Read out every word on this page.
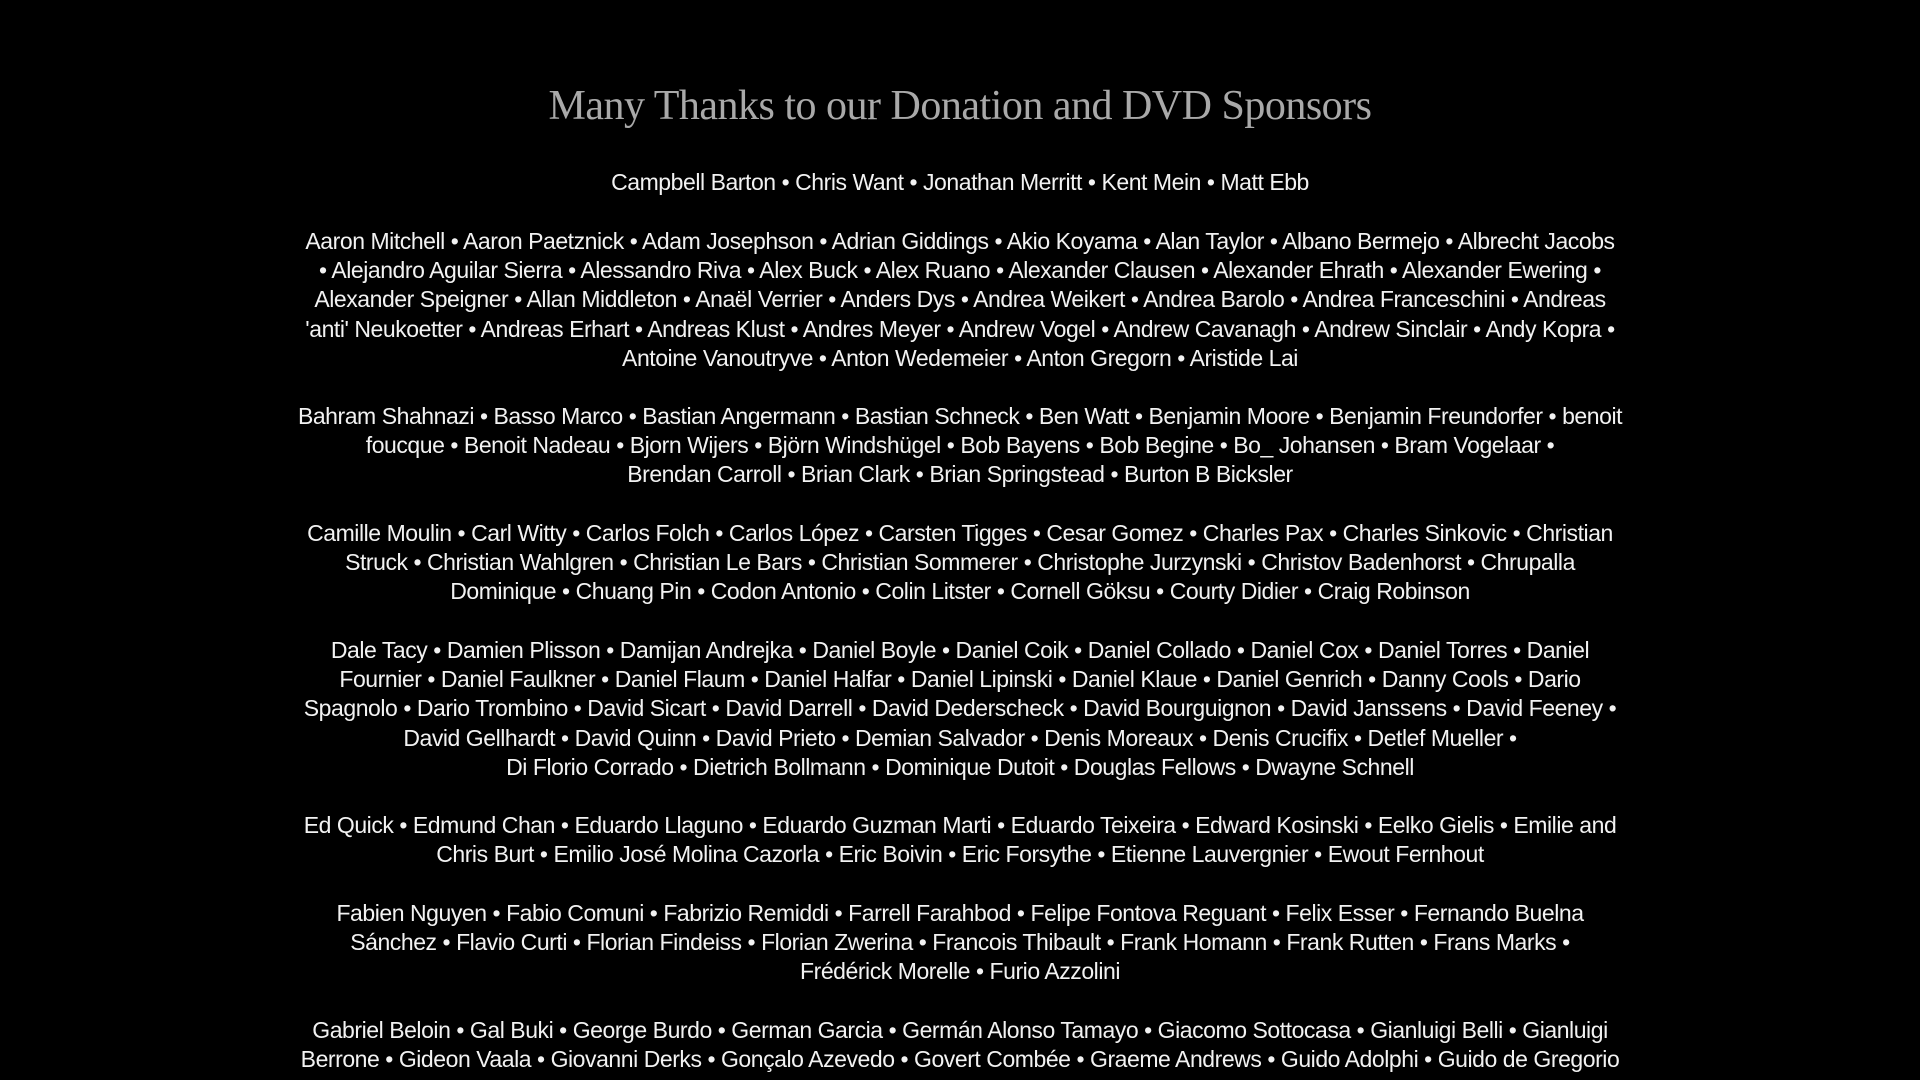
Many Thanks to our Donation and DVD Sponsors
Campbell Barton • Chris Want • Jonathan Merritt • Kent Mein • Matt Ebb
Aaron Mitchell • Aaron Paetznick • Adam Josephson • Adrian Giddings • Akio Koyama • Alan Taylor • Albano Bermejo • Albrecht Jacobs
• Alejandro Aguilar Sierra • Alessandro Riva • Alex Buck • Alex Ruano • Alexander Clausen • Alexander Ehrath • Alexander Ewering •
Alexander Speigner • Allan Middleton • Anaël Verrier • Anders Dys • Andrea Weikert • Andrea Barolo • Andrea Franceschini • Andreas
'anti' Neukoetter • Andreas Erhart • Andreas Klust • Andres Meyer • Andrew Vogel • Andrew Cavanagh • Andrew Sinclair • Andy Kopra •
Antoine Vanoutryve • Anton Wedemeier • Anton Gregorn • Aristide Lai
Bahram Shahnazi • Basso Marco • Bastian Angermann • Bastian Schneck • Ben Watt • Benjamin Moore • Benjamin Freundorfer • benoit
foucque • Benoit Nadeau • Bjorn Wijers • Björn Windshügel • Bob Bayens • Bob Begine • Bo_ Johansen • Bram Vogelaar •
Brendan Carroll • Brian Clark • Brian Springstead • Burton B Bicksler
Camille Moulin • Carl Witty • Carlos Folch • Carlos López • Carsten Tigges • Cesar Gomez • Charles Pax • Charles Sinkovic • Christian
Struck • Christian Wahlgren • Christian Le Bars • Christian Sommerer • Christophe Jurzynski • Christov Badenhorst • Chrupalla
Dominique • Chuang Pin • Codon Antonio • Colin Litster • Cornell Göksu • Courty Didier • Craig Robinson
Dale Tacy • Damien Plisson • Damijan Andrejka • Daniel Boyle • Daniel Coik • Daniel Collado • Daniel Cox • Daniel Torres • Daniel
Fournier • Daniel Faulkner • Daniel Flaum • Daniel Halfar • Daniel Lipinski • Daniel Klaue • Daniel Genrich • Danny Cools • Dario
Spagnolo • Dario Trombino • David Sicart • David Darrell • David Dederscheck • David Bourguignon • David Janssens • David Feeney •
David Gellhardt • David Quinn • David Prieto • Demian Salvador • Denis Moreaux • Denis Crucifix • Detlef Mueller •
Di Florio Corrado • Dietrich Bollmann • Dominique Dutoit • Douglas Fellows • Dwayne Schnell
Ed Quick • Edmund Chan • Eduardo Llaguno • Eduardo Guzman Marti • Eduardo Teixeira • Edward Kosinski • Eelko Gielis • Emilie and
Chris Burt • Emilio José Molina Cazorla • Eric Boivin • Eric Forsythe • Etienne Lauvergnier • Ewout Fernhout
Fabien Nguyen • Fabio Comuni • Fabrizio Remiddi • Farrell Farahbod • Felipe Fontova Reguant • Felix Esser • Fernando Buelna
Sánchez • Flavio Curti • Florian Findeiss • Florian Zwerina • Francois Thibault • Frank Homann • Frank Rutten • Frans Marks •
Frédérick Morelle • Furio Azzolini
Gabriel Beloin • Gal Buki • George Burdo • German Garcia • Germán Alonso Tamayo • Giacomo Sottocasa • Gianluigi Belli • Gianluigi
Berrone • Gideon Vaala • Giovanni Derks • Gonçalo Azevedo • Govert Combée • Graeme Andrews • Guido Adolphi • Guido de Gregorio
